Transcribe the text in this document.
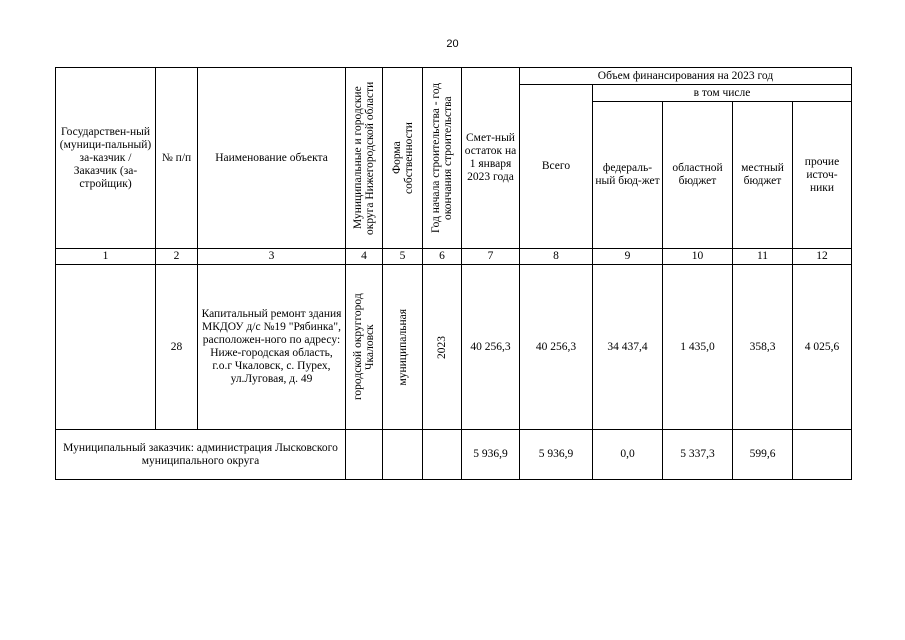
20
Государствен-ный (муници-пальный) за-казчик / Заказчик (за-стройщик)	№ п/п	Наименование объекта	Муниципальные и городские округа Нижегородской области	Форма собственности	Год начала строительства - год окончания строительства	Смет-ный остаток на 1 января 2023 года	Объем финансирования на 2023 год				
							Всего	в том числе			
								федераль-ный бюд-жет	областной бюджет	местный бюджет	прочие источ-ники
1	2	3	4	5	6	7	8	9	10	11	12
	28	Капитальный ремонт здания МКДОУ д/с №19 "Рябинка", расположен-ного по адресу: Ниже-городская область, г.о.г Чкаловск, с. Пурех, ул.Луговая, д. 49	городской округгород Чкаловск	муниципальная	2023	40 256,3	40 256,3	34 437,4	1 435,0	358,3	4 025,6
Муниципальный заказчик: администрация Лысковского муниципального округа						5 936,9	5 936,9	0,0	5 337,3	599,6	
